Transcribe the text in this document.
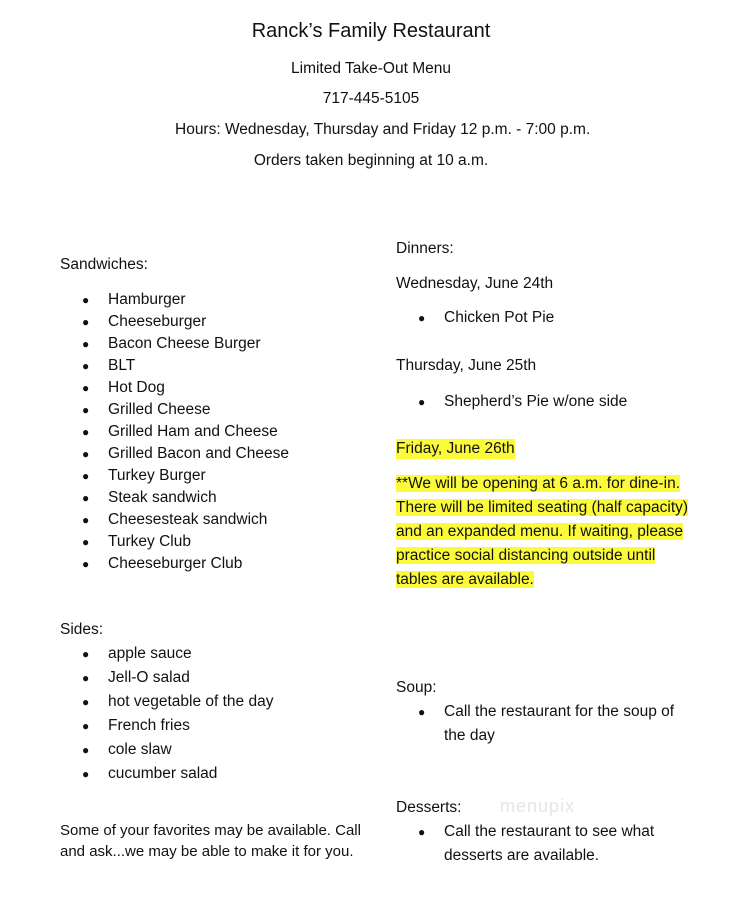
Ranck’s Family Restaurant
Limited Take-Out Menu
717-445-5105
Hours: Wednesday, Thursday and Friday 12 p.m. - 7:00 p.m.
Orders taken beginning at 10 a.m.
Sandwiches:
● Hamburger
● Cheeseburger
● Bacon Cheese Burger
● BLT
● Hot Dog
● Grilled Cheese
● Grilled Ham and Cheese
● Grilled Bacon and Cheese
● Turkey Burger
● Steak sandwich
● Cheesesteak sandwich
● Turkey Club
● Cheeseburger Club
Sides:
● apple sauce
● Jell-O salad
● hot vegetable of the day
● French fries
● cole slaw
● cucumber salad
Some of your favorites may be available. Call and ask...we may be able to make it for you.
Dinners:
Wednesday, June 24th
● Chicken Pot Pie
Thursday, June 25th
● Shepherd’s Pie w/one side
Friday, June 26th
**We will be opening at 6 a.m. for dine-in. There will be limited seating (half capacity) and an expanded menu. If waiting, please practice social distancing outside until tables are available.
Soup:
● Call the restaurant for the soup of the day
Desserts:
● Call the restaurant to see what desserts are available.
menupix
